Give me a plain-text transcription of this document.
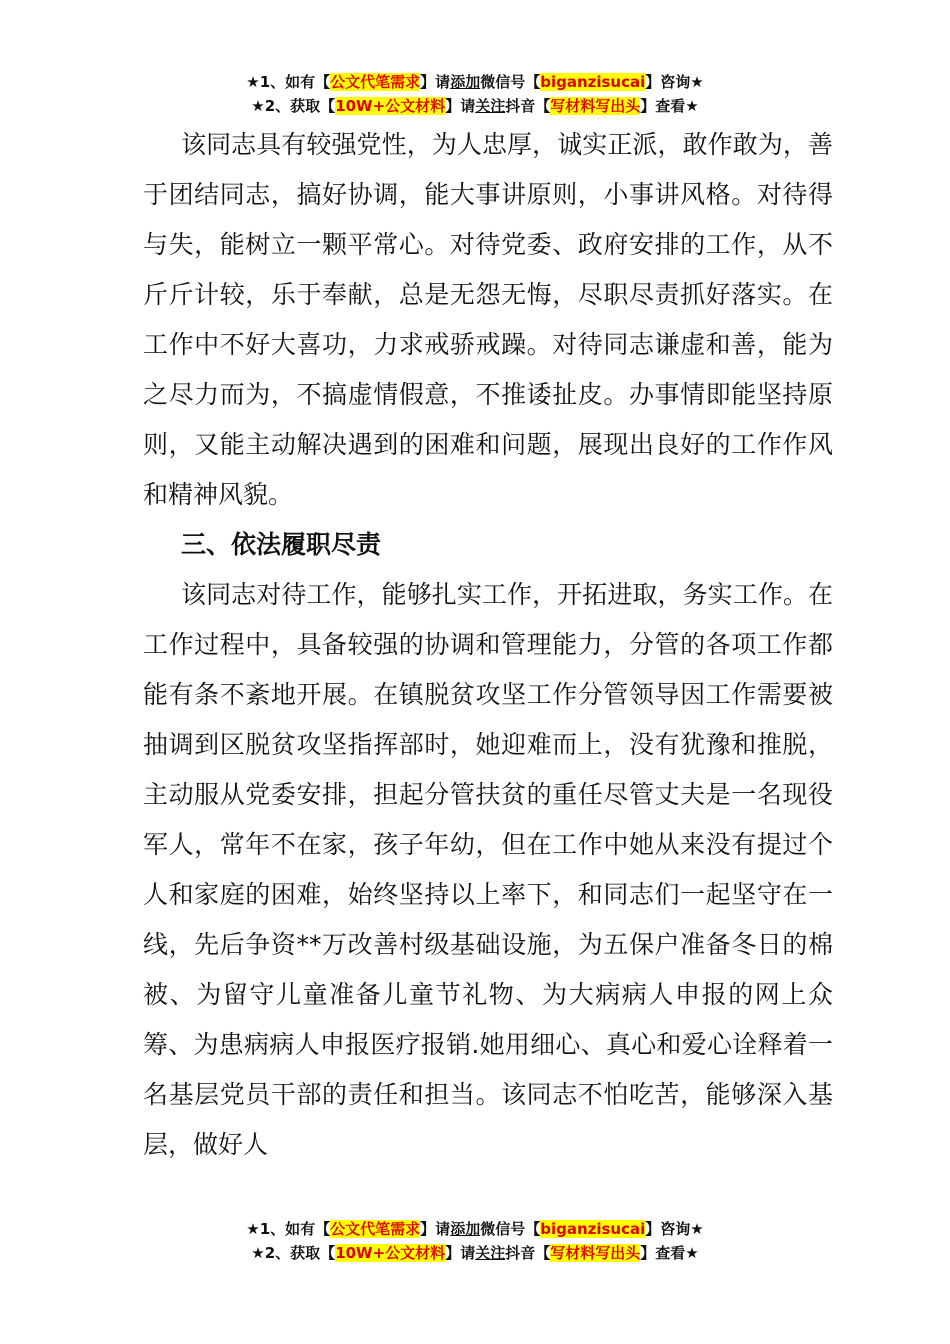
★1、如有【公文代笔需求】请添加微信号【biganzisucai】咨询★
★2、获取【10W+公文材料】请关注抖音【写材料写出头】查看★

该同志具有较强党性，为人忠厚，诚实正派，敢作敢为，善于团结同志，搞好协调，能大事讲原则，小事讲风格。对待得与失，能树立一颗平常心。对待党委、政府安排的工作，从不斤斤计较，乐于奉献，总是无怨无悔，尽职尽责抓好落实。在工作中不好大喜功，力求戒骄戒躁。对待同志谦虚和善，能为之尽力而为，不搞虚情假意，不推诿扯皮。办事情即能坚持原则，又能主动解决遇到的困难和问题，展现出良好的工作作风和精神风貌。

三、依法履职尽责

该同志对待工作，能够扎实工作，开拓进取，务实工作。在工作过程中，具备较强的协调和管理能力，分管的各项工作都能有条不紊地开展。在镇脱贫攻坚工作分管领导因工作需要被抽调到区脱贫攻坚指挥部时，她迎难而上，没有犹豫和推脱，主动服从党委安排，担起分管扶贫的重任尽管丈夫是一名现役军人，常年不在家，孩子年幼，但在工作中她从来没有提过个人和家庭的困难，始终坚持以上率下，和同志们一起坚守在一线，先后争资**万改善村级基础设施，为五保户准备冬日的棉被、为留守儿童准备儿童节礼物、为大病病人申报的网上众筹、为患病病人申报医疗报销.她用细心、真心和爱心诠释着一名基层党员干部的责任和担当。该同志不怕吃苦，能够深入基层，做好人

★1、如有【公文代笔需求】请添加微信号【biganzisucai】咨询★
★2、获取【10W+公文材料】请关注抖音【写材料写出头】查看★
